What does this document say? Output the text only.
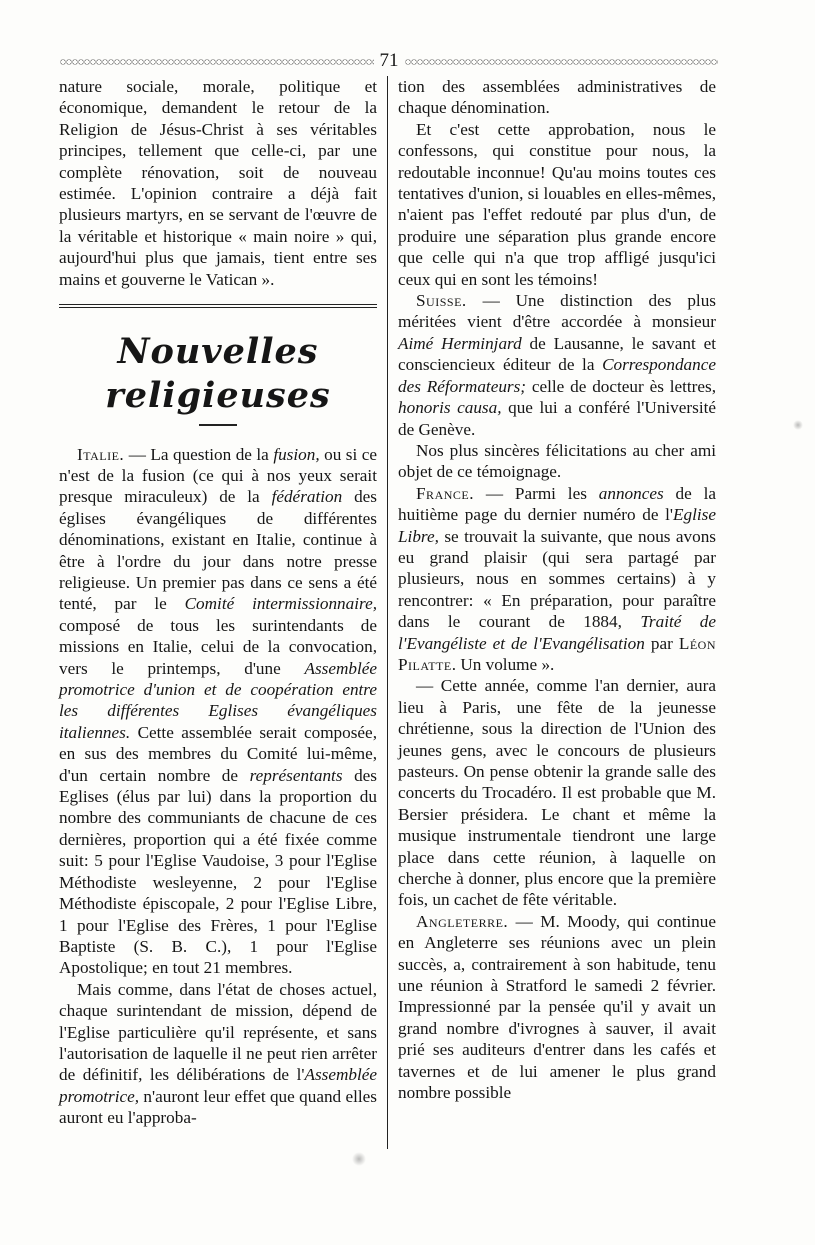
71

nature sociale, morale, politique et économique, demandent le retour de la Religion de Jésus-Christ à ses véritables principes, tellement que celle-ci, par une complète rénovation, soit de nouveau estimée. L'opinion contraire a déjà fait plusieurs martyrs, en se servant de l'œuvre de la véritable et historique « main noire » qui, aujourd'hui plus que jamais, tient entre ses mains et gouverne le Vatican ».

Nouvelles religieuses

Italie. — La question de la fusion, ou si ce n'est de la fusion (ce qui à nos yeux serait presque miraculeux) de la fédération des églises évangéliques de différentes dénominations, existant en Italie, continue à être à l'ordre du jour dans notre presse religieuse. Un premier pas dans ce sens a été tenté, par le Comité intermissionnaire, composé de tous les surintendants de missions en Italie, celui de la convocation, vers le printemps, d'une Assemblée promotrice d'union et de coopération entre les différentes Eglises évangéliques italiennes. Cette assemblée serait composée, en sus des membres du Comité lui-même, d'un certain nombre de représentants des Eglises (élus par lui) dans la proportion du nombre des communiants de chacune de ces dernières, proportion qui a été fixée comme suit: 5 pour l'Eglise Vaudoise, 3 pour l'Eglise Méthodiste wesleyenne, 2 pour l'Eglise Méthodiste épiscopale, 2 pour l'Eglise Libre, 1 pour l'Eglise des Frères, 1 pour l'Eglise Baptiste (S. B. C.), 1 pour l'Eglise Apostolique; en tout 21 membres.

Mais comme, dans l'état de choses actuel, chaque surintendant de mission, dépend de l'Eglise particulière qu'il représente, et sans l'autorisation de laquelle il ne peut rien arrêter de définitif, les délibérations de l'Assemblée promotrice, n'auront leur effet que quand elles auront eu l'approba-

tion des assemblées administratives de chaque dénomination.

Et c'est cette approbation, nous le confessons, qui constitue pour nous, la redoutable inconnue! Qu'au moins toutes ces tentatives d'union, si louables en elles-mêmes, n'aient pas l'effet redouté par plus d'un, de produire une séparation plus grande encore que celle qui n'a que trop affligé jusqu'ici ceux qui en sont les témoins!

Suisse. — Une distinction des plus méritées vient d'être accordée à monsieur Aimé Herminjard de Lausanne, le savant et consciencieux éditeur de la Correspondance des Réformateurs; celle de docteur ès lettres, honoris causa, que lui a conféré l'Université de Genève.

Nos plus sincères félicitations au cher ami objet de ce témoignage.

France. — Parmi les annonces de la huitième page du dernier numéro de l'Eglise Libre, se trouvait la suivante, que nous avons eu grand plaisir (qui sera partagé par plusieurs, nous en sommes certains) à y rencontrer: « En préparation, pour paraître dans le courant de 1884, Traité de l'Evangéliste et de l'Evangélisation par Léon Pilatte. Un volume ».

— Cette année, comme l'an dernier, aura lieu à Paris, une fête de la jeunesse chrétienne, sous la direction de l'Union des jeunes gens, avec le concours de plusieurs pasteurs. On pense obtenir la grande salle des concerts du Trocadéro. Il est probable que M. Bersier présidera. Le chant et même la musique instrumentale tiendront une large place dans cette réunion, à laquelle on cherche à donner, plus encore que la première fois, un cachet de fête véritable.

Angleterre. — M. Moody, qui continue en Angleterre ses réunions avec un plein succès, a, contrairement à son habitude, tenu une réunion à Stratford le samedi 2 février. Impressionné par la pensée qu'il y avait un grand nombre d'ivrognes à sauver, il avait prié ses auditeurs d'entrer dans les cafés et tavernes et de lui amener le plus grand nombre possible
